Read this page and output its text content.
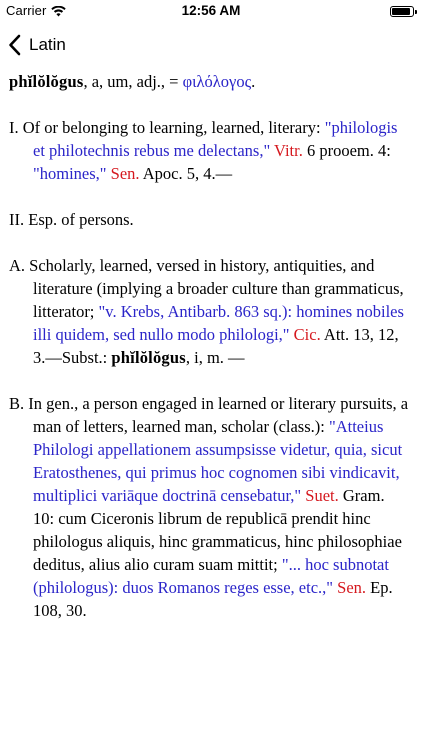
Carrier	12:56 AM
Latin

phĭlŏlŏgus, a, um, adj., = φιλόλογος.

I. Of or belonging to learning, learned, literary: "philologis et philotechnis rebus me delectans," Vitr. 6 prooem. 4: "homines," Sen. Apoc. 5, 4.—

II. Esp. of persons.

A. Scholarly, learned, versed in history, antiquities, and literature (implying a broader culture than grammaticus, litterator; "v. Krebs, Antibarb. 863 sq.): homines nobiles illi quidem, sed nullo modo philologi," Cic. Att. 13, 12, 3.—Subst.: phĭlŏlŏgus, i, m. —

B. In gen., a person engaged in learned or literary pursuits, a man of letters, learned man, scholar (class.): "Atteius Philologi appellationem assumpsisse videtur, quia, sicut Eratosthenes, qui primus hoc cognomen sibi vindicavit, multiplici variāque doctrinā censebatur," Suet. Gram. 10: cum Ciceronis librum de republicā prendit hinc philologus aliquis, hinc grammaticus, hinc philosophiae deditus, alius alio curam suam mittit; "... hoc subnotat (philologus): duos Romanos reges esse, etc.," Sen. Ep. 108, 30.
